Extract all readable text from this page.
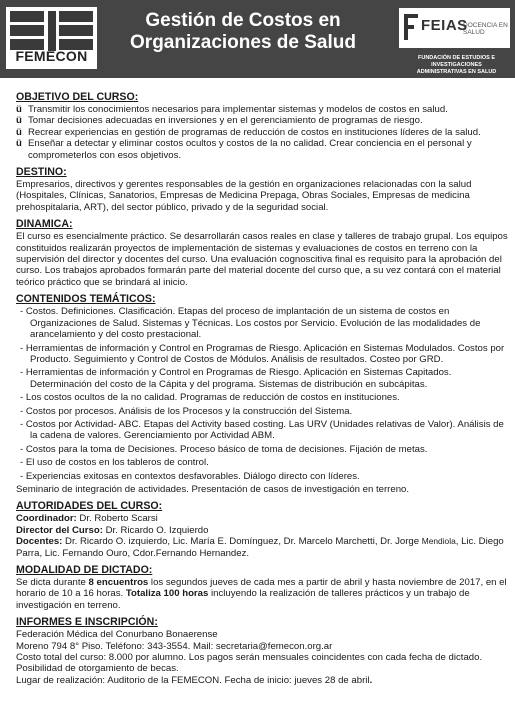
FEMECON
Gestión de Costos en
Organizaciones de Salud
FEIAS
DOCENCIA EN SALUD
FUNDACIÓN DE ESTUDIOS E INVESTIGACIONES
ADMINISTRATIVAS EN SALUD
OBJETIVO DEL CURSO:

ü Transmitir los conocimientos necesarios para implementar sistemas y modelos de costos en salud.

ü Tomar decisiones adecuadas en inversiones y en el gerenciamiento de programas de riesgo.

ü Recrear experiencias en gestión de programas de reducción de costos en instituciones líderes de la salud.

ü Enseñar a detectar y eliminar costos ocultos y costos de la no calidad. Crear conciencia en el personal y comprometerlos con esos objetivos.

DESTINO:

Empresarios, directivos y gerentes responsables de la gestión en organizaciones relacionadas con la salud (Hospitales, Clínicas, Sanatorios, Empresas de Medicina Prepaga, Obras Sociales, Empresas de medicina prehospitalaria, ART), del sector público, privado y de la seguridad social.

DINAMICA:

El curso es esencialmente práctico. Se desarrollarán casos reales en clase y talleres de trabajo grupal. Los equipos constituidos realizarán proyectos de implementación de sistemas y evaluaciones de costos en terreno con la supervisión del director y docentes del curso. Una evaluación cognoscitiva final es requisito para la aprobación del curso. Los trabajos aprobados formarán parte del material docente del curso que, a su vez contará con el material teórico práctico que se brindará al inicio.

CONTENIDOS TEMÁTICOS:

- Costos. Definiciones. Clasificación. Etapas del proceso de implantación de un sistema de costos en Organizaciones de Salud. Sistemas y Técnicas. Los costos por Servicio. Evolución de las modalidades de arancelamiento y del costo prestacional.

- Herramientas de información y Control en Programas de Riesgo. Aplicación en Sistemas Modulados. Costos por Producto. Seguimiento y Control de Costos de Módulos. Análisis de resultados. Costeo por GRD.

- Herramientas de información y Control en Programas de Riesgo. Aplicación en Sistemas Capitados. Determinación del costo de la Cápita y del programa. Sistemas de distribución en subcápitas.

- Los costos ocultos de la no calidad. Programas de reducción de costos en instituciones.

- Costos por procesos. Análisis de los Procesos y la construcción del Sistema.

- Costos por Actividad- ABC. Etapas del Activity based costing. Las URV (Unidades relativas de Valor). Análisis de la cadena de valores. Gerenciamiento por Actividad ABM.

- Costos para la toma de Decisiones. Proceso básico de toma de decisiones. Fijación de metas.

- El uso de costos en los tableros de control.

- Experiencias exitosas en contextos desfavorables. Diálogo directo con líderes.

Seminario de integración de actividades. Presentación de casos de investigación en terreno.

AUTORIDADES DEL CURSO:

Coordinador: Dr. Roberto Scarsi

Director del Curso: Dr. Ricardo O. Izquierdo

Docentes: Dr. Ricardo O. izquierdo, Lic. María E. Domínguez, Dr. Marcelo Marchetti, Dr. Jorge Mendiola, Lic. Diego Parra, Lic. Fernando Ouro, Cdor.Fernando Hernandez.

MODALIDAD DE DICTADO:

Se dicta durante 8 encuentros los segundos jueves de cada mes a partir de abril y hasta noviembre de 2017, en el horario de 10 a 16 horas. Totaliza 100 horas incluyendo la realización de talleres prácticos y un trabajo de investigación en terreno.

INFORMES E INSCRIPCIÓN:

Federación Médica del Conurbano Bonaerense

Moreno 794 8° Piso. Teléfono: 343-3554. Mail: secretaria@femecon.org.ar

Costo total del curso: 8.000 por alumno. Los pagos serán mensuales coincidentes con cada fecha de dictado.

Posibilidad de otorgamiento de becas.

Lugar de realización: Auditorio de la FEMECON. Fecha de inicio: jueves 28 de abril.
